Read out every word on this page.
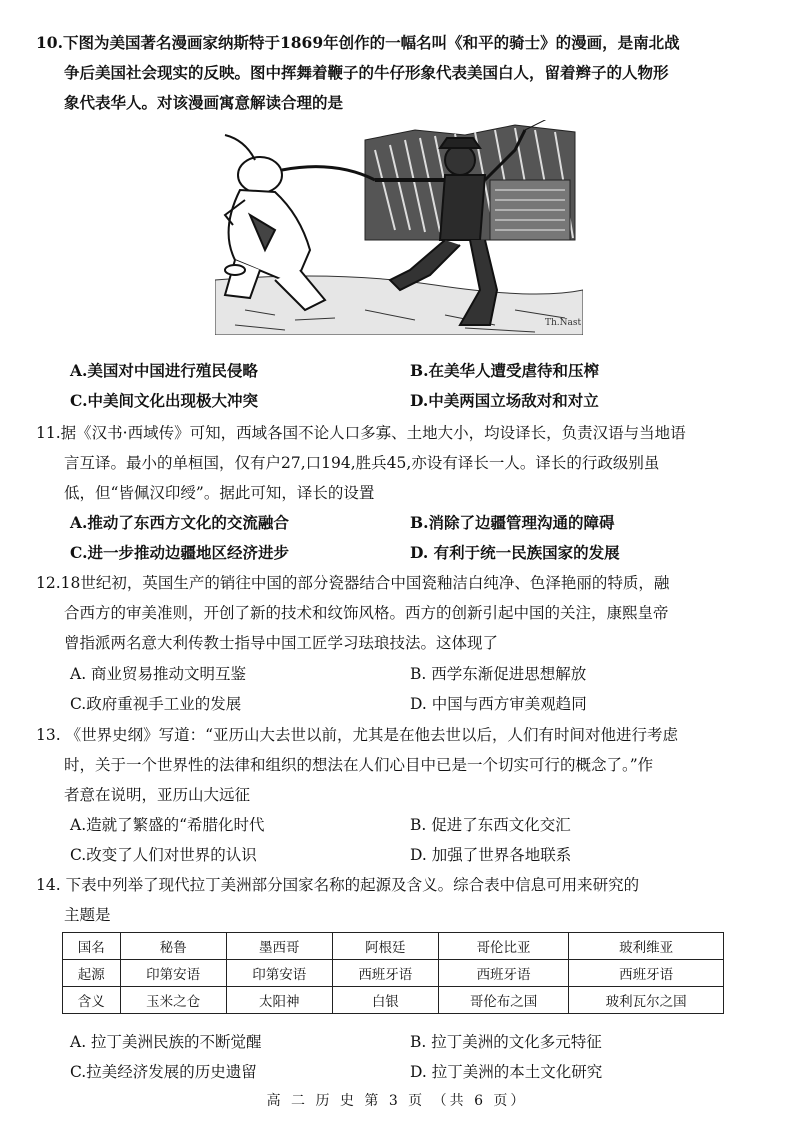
10.下图为美国著名漫画家纳斯特于1869年创作的一幅名叫《和平的骑士》的漫画，是南北战
争后美国社会现实的反映。图中挥舞着鞭子的牛仔形象代表美国白人，留着辫子的人物形
象代表华人。对该漫画寓意解读合理的是
Th.Nast
A.美国对中国进行殖民侵略	B.在美华人遭受虐待和压榨
C.中美间文化出现极大冲突	D.中美两国立场敌对和对立
11.据《汉书·西域传》可知，西域各国不论人口多寡、土地大小，均设译长，负责汉语与当地语
言互译。最小的单桓国，仅有户27,口194,胜兵45,亦设有译长一人。译长的行政级别虽
低，但“皆佩汉印绶”。据此可知，译长的设置
A.推动了东西方文化的交流融合	B.消除了边疆管理沟通的障碍
C.进一步推动边疆地区经济进步	D. 有利于统一民族国家的发展
12.18世纪初，英国生产的销往中国的部分瓷器结合中国瓷釉洁白纯净、色泽艳丽的特质，融
合西方的审美准则，开创了新的技术和纹饰风格。西方的创新引起中国的关注，康熙皇帝
曾指派两名意大利传教士指导中国工匠学习珐琅技法。这体现了
A. 商业贸易推动文明互鉴	B. 西学东渐促进思想解放
C.政府重视手工业的发展	D. 中国与西方审美观趋同
13. 《世界史纲》写道：“亚历山大去世以前，尤其是在他去世以后，人们有时间对他进行考虑
时，关于一个世界性的法律和组织的想法在人们心目中已是一个切实可行的概念了。”作
者意在说明，亚历山大远征
A.造就了繁盛的“希腊化时代	B. 促进了东西文化交汇
C.改变了人们对世界的认识	D. 加强了世界各地联系
14. 下表中列举了现代拉丁美洲部分国家名称的起源及含义。综合表中信息可用来研究的
主题是
国名	秘鲁	墨西哥	阿根廷	哥伦比亚	玻利维亚
起源	印第安语	印第安语	西班牙语	西班牙语	西班牙语
含义	玉米之仓	太阳神	白银	哥伦布之国	玻利瓦尔之国
A. 拉丁美洲民族的不断觉醒	B. 拉丁美洲的文化多元特征
C.拉美经济发展的历史遗留	D. 拉丁美洲的本土文化研究
高 二 历 史 第 3 页 （共 6 页）
